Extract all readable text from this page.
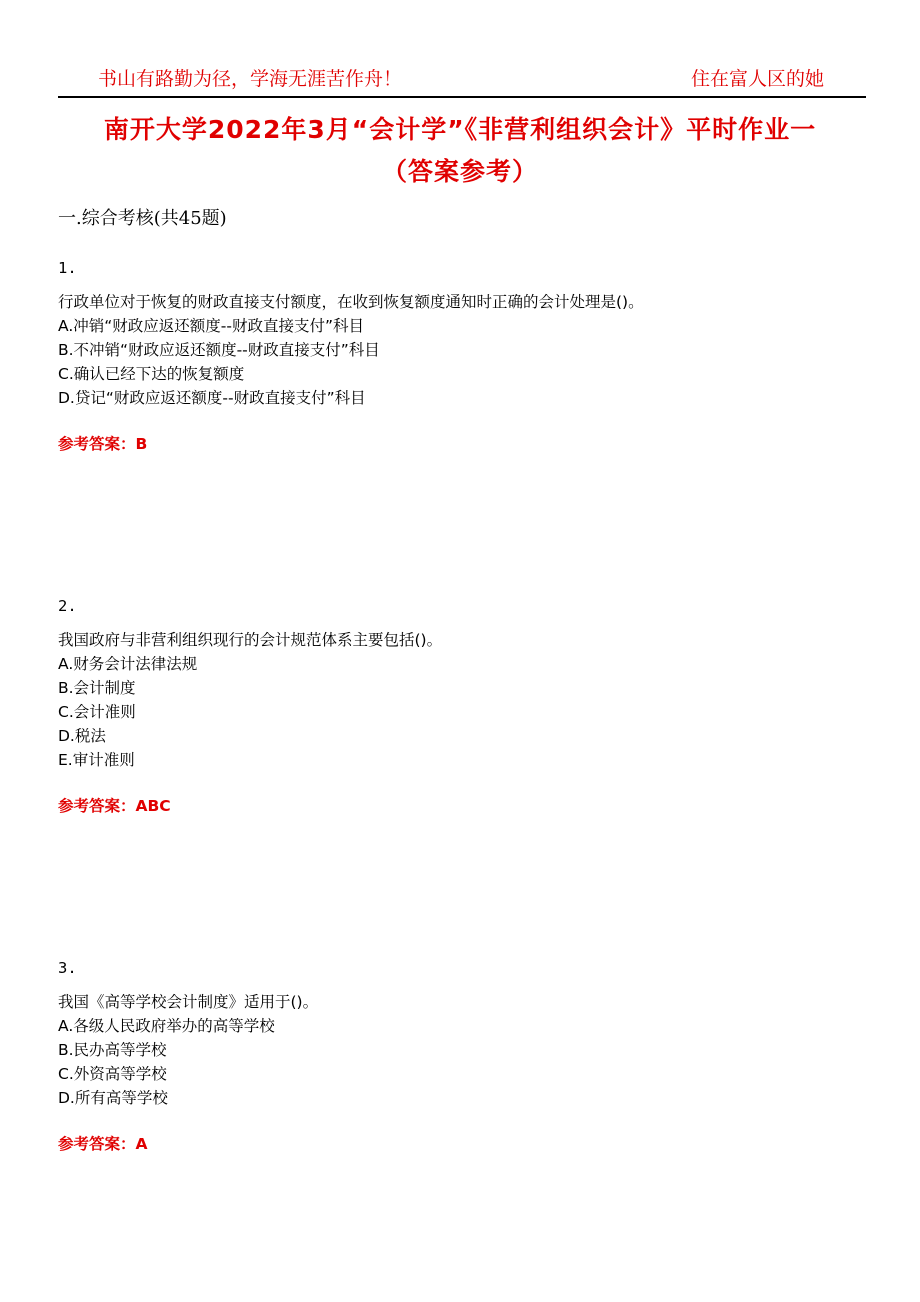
书山有路勤为径，学海无涯苦作舟！	住在富人区的她
南开大学2022年3月“会计学”《非营利组织会计》平时作业一
（答案参考）
一.综合考核(共45题)
1.
行政单位对于恢复的财政直接支付额度，在收到恢复额度通知时正确的会计处理是()。
A.冲销“财政应返还额度--财政直接支付”科目
B.不冲销“财政应返还额度--财政直接支付”科目
C.确认已经下达的恢复额度
D.贷记“财政应返还额度--财政直接支付”科目
参考答案：B
2.
我国政府与非营利组织现行的会计规范体系主要包括()。
A.财务会计法律法规
B.会计制度
C.会计准则
D.税法
E.审计准则
参考答案：ABC
3.
我国《高等学校会计制度》适用于()。
A.各级人民政府举办的高等学校
B.民办高等学校
C.外资高等学校
D.所有高等学校
参考答案：A
